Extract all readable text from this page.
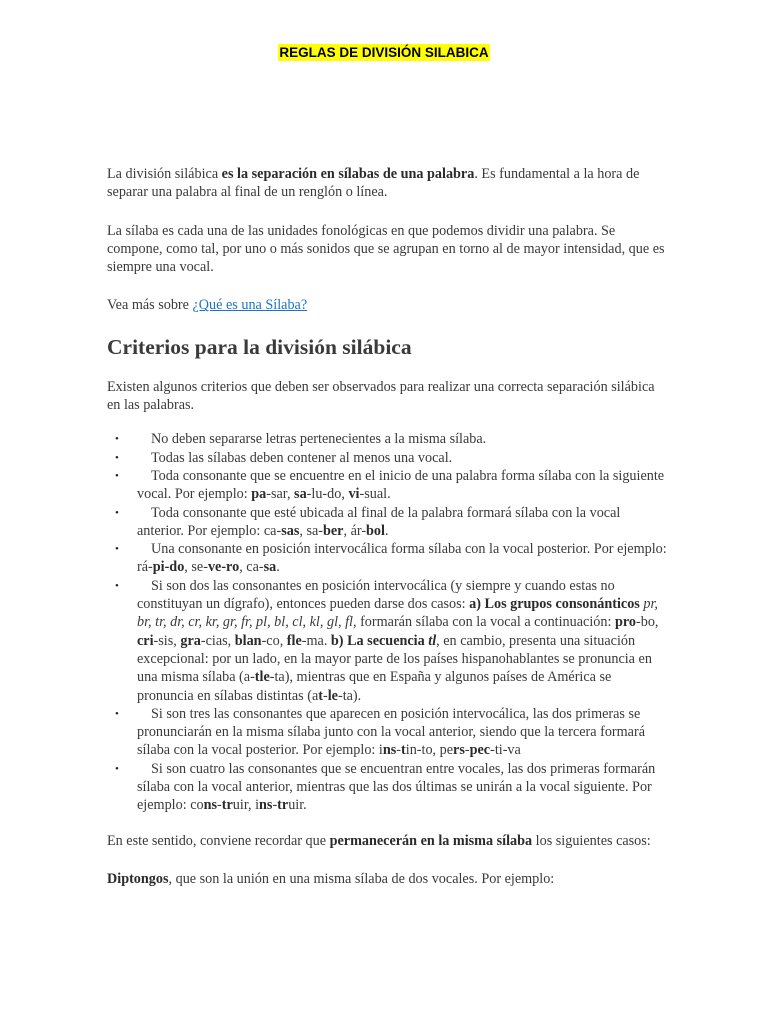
REGLAS DE DIVISIÓN SILABICA

La división silábica es la separación en sílabas de una palabra. Es fundamental a la hora de separar una palabra al final de un renglón o línea.

La sílaba es cada una de las unidades fonológicas en que podemos dividir una palabra. Se compone, como tal, por uno o más sonidos que se agrupan en torno al de mayor intensidad, que es siempre una vocal.

Vea más sobre ¿Qué es una Sílaba?

Criterios para la división silábica

Existen algunos criterios que deben ser observados para realizar una correcta separación silábica en las palabras.

• No deben separarse letras pertenecientes a la misma sílaba.
• Todas las sílabas deben contener al menos una vocal.
• Toda consonante que se encuentre en el inicio de una palabra forma sílaba con la siguiente vocal. Por ejemplo: pa-sar, sa-lu-do, vi-sual.
• Toda consonante que esté ubicada al final de la palabra formará sílaba con la vocal anterior. Por ejemplo: ca-sas, sa-ber, ár-bol.
• Una consonante en posición intervocálica forma sílaba con la vocal posterior. Por ejemplo: rá-pi-do, se-ve-ro, ca-sa.
• Si son dos las consonantes en posición intervocálica (y siempre y cuando estas no constituyan un dígrafo), entonces pueden darse dos casos: a) Los grupos consonánticos pr, br, tr, dr, cr, kr, gr, fr, pl, bl, cl, kl, gl, fl, formarán sílaba con la vocal a continuación: pro-bo, cri-sis, gra-cias, blan-co, fle-ma. b) La secuencia tl, en cambio, presenta una situación excepcional: por un lado, en la mayor parte de los países hispanohablantes se pronuncia en una misma sílaba (a-tle-ta), mientras que en España y algunos países de América se pronuncia en sílabas distintas (at-le-ta).
• Si son tres las consonantes que aparecen en posición intervocálica, las dos primeras se pronunciarán en la misma sílaba junto con la vocal anterior, siendo que la tercera formará sílaba con la vocal posterior. Por ejemplo: ins-tin-to, pers-pec-ti-va
• Si son cuatro las consonantes que se encuentran entre vocales, las dos primeras formarán sílaba con la vocal anterior, mientras que las dos últimas se unirán a la vocal siguiente. Por ejemplo: cons-truir, ins-truir.

En este sentido, conviene recordar que permanecerán en la misma sílaba los siguientes casos:

Diptongos, que son la unión en una misma sílaba de dos vocales. Por ejemplo:
